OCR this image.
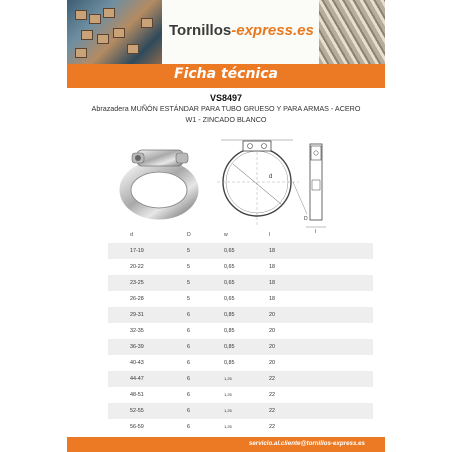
Tornillos-express.es
Ficha técnica
VS8497
Abrazadera MUÑÓN ESTÁNDAR PARA TUBO GRUESO Y PARA ARMAS - ACERO W1 - ZINCADO BLANCO
d
D
l
d	D	w	l
17-19	5	0,65	18
20-22	5	0,65	18
23-25	5	0,65	18
26-28	5	0,65	18
29-31	6	0,85	20
32-35	6	0,85	20
36-39	6	0,85	20
40-43	6	0,85	20
44-47	6	1,25	22
48-51	6	1,25	22
52-55	6	1,25	22
56-59	6	1,25	22
servicio.al.cliente@tornillos-express.es
